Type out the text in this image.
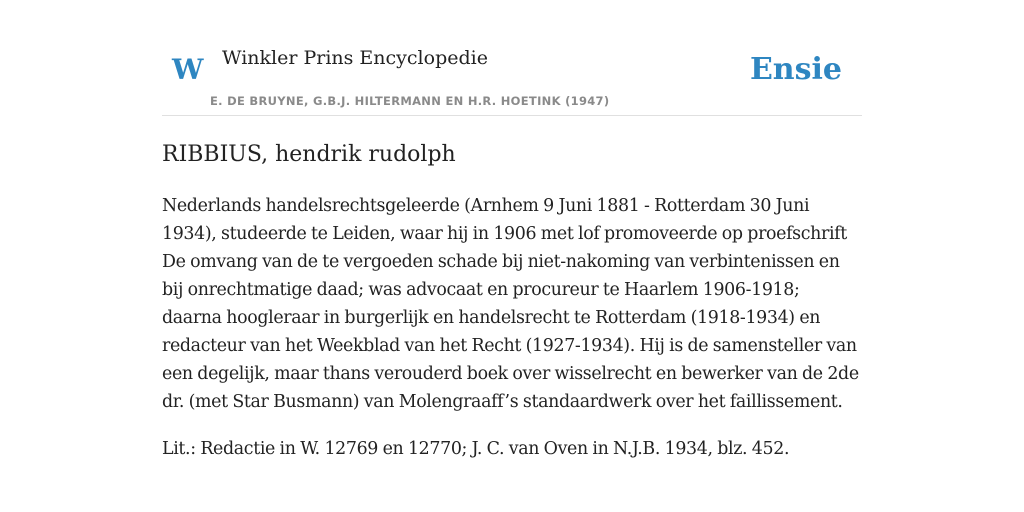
W Winkler Prins Encyclopedie
E. DE BRUYNE, G.B.J. HILTERMANN EN H.R. HOETINK (1947)
Ensie
RIBBIUS, hendrik rudolph

Nederlands handelsrechtsgeleerde (Arnhem 9 Juni 1881 - Rotterdam 30 Juni 1934), studeerde te Leiden, waar hij in 1906 met lof promoveerde op proefschrift De omvang van de te vergoeden schade bij niet-nakoming van verbintenissen en bij onrechtmatige daad; was advocaat en procureur te Haarlem 1906-1918; daarna hoogleraar in burgerlijk en handelsrecht te Rotterdam (1918-1934) en redacteur van het Weekblad van het Recht (1927-1934). Hij is de samensteller van een degelijk, maar thans verouderd boek over wisselrecht en bewerker van de 2de dr. (met Star Busmann) van Molengraaff’s standaardwerk over het faillissement.

Lit.: Redactie in W. 12769 en 12770; J. C. van Oven in N.J.B. 1934, blz. 452.
